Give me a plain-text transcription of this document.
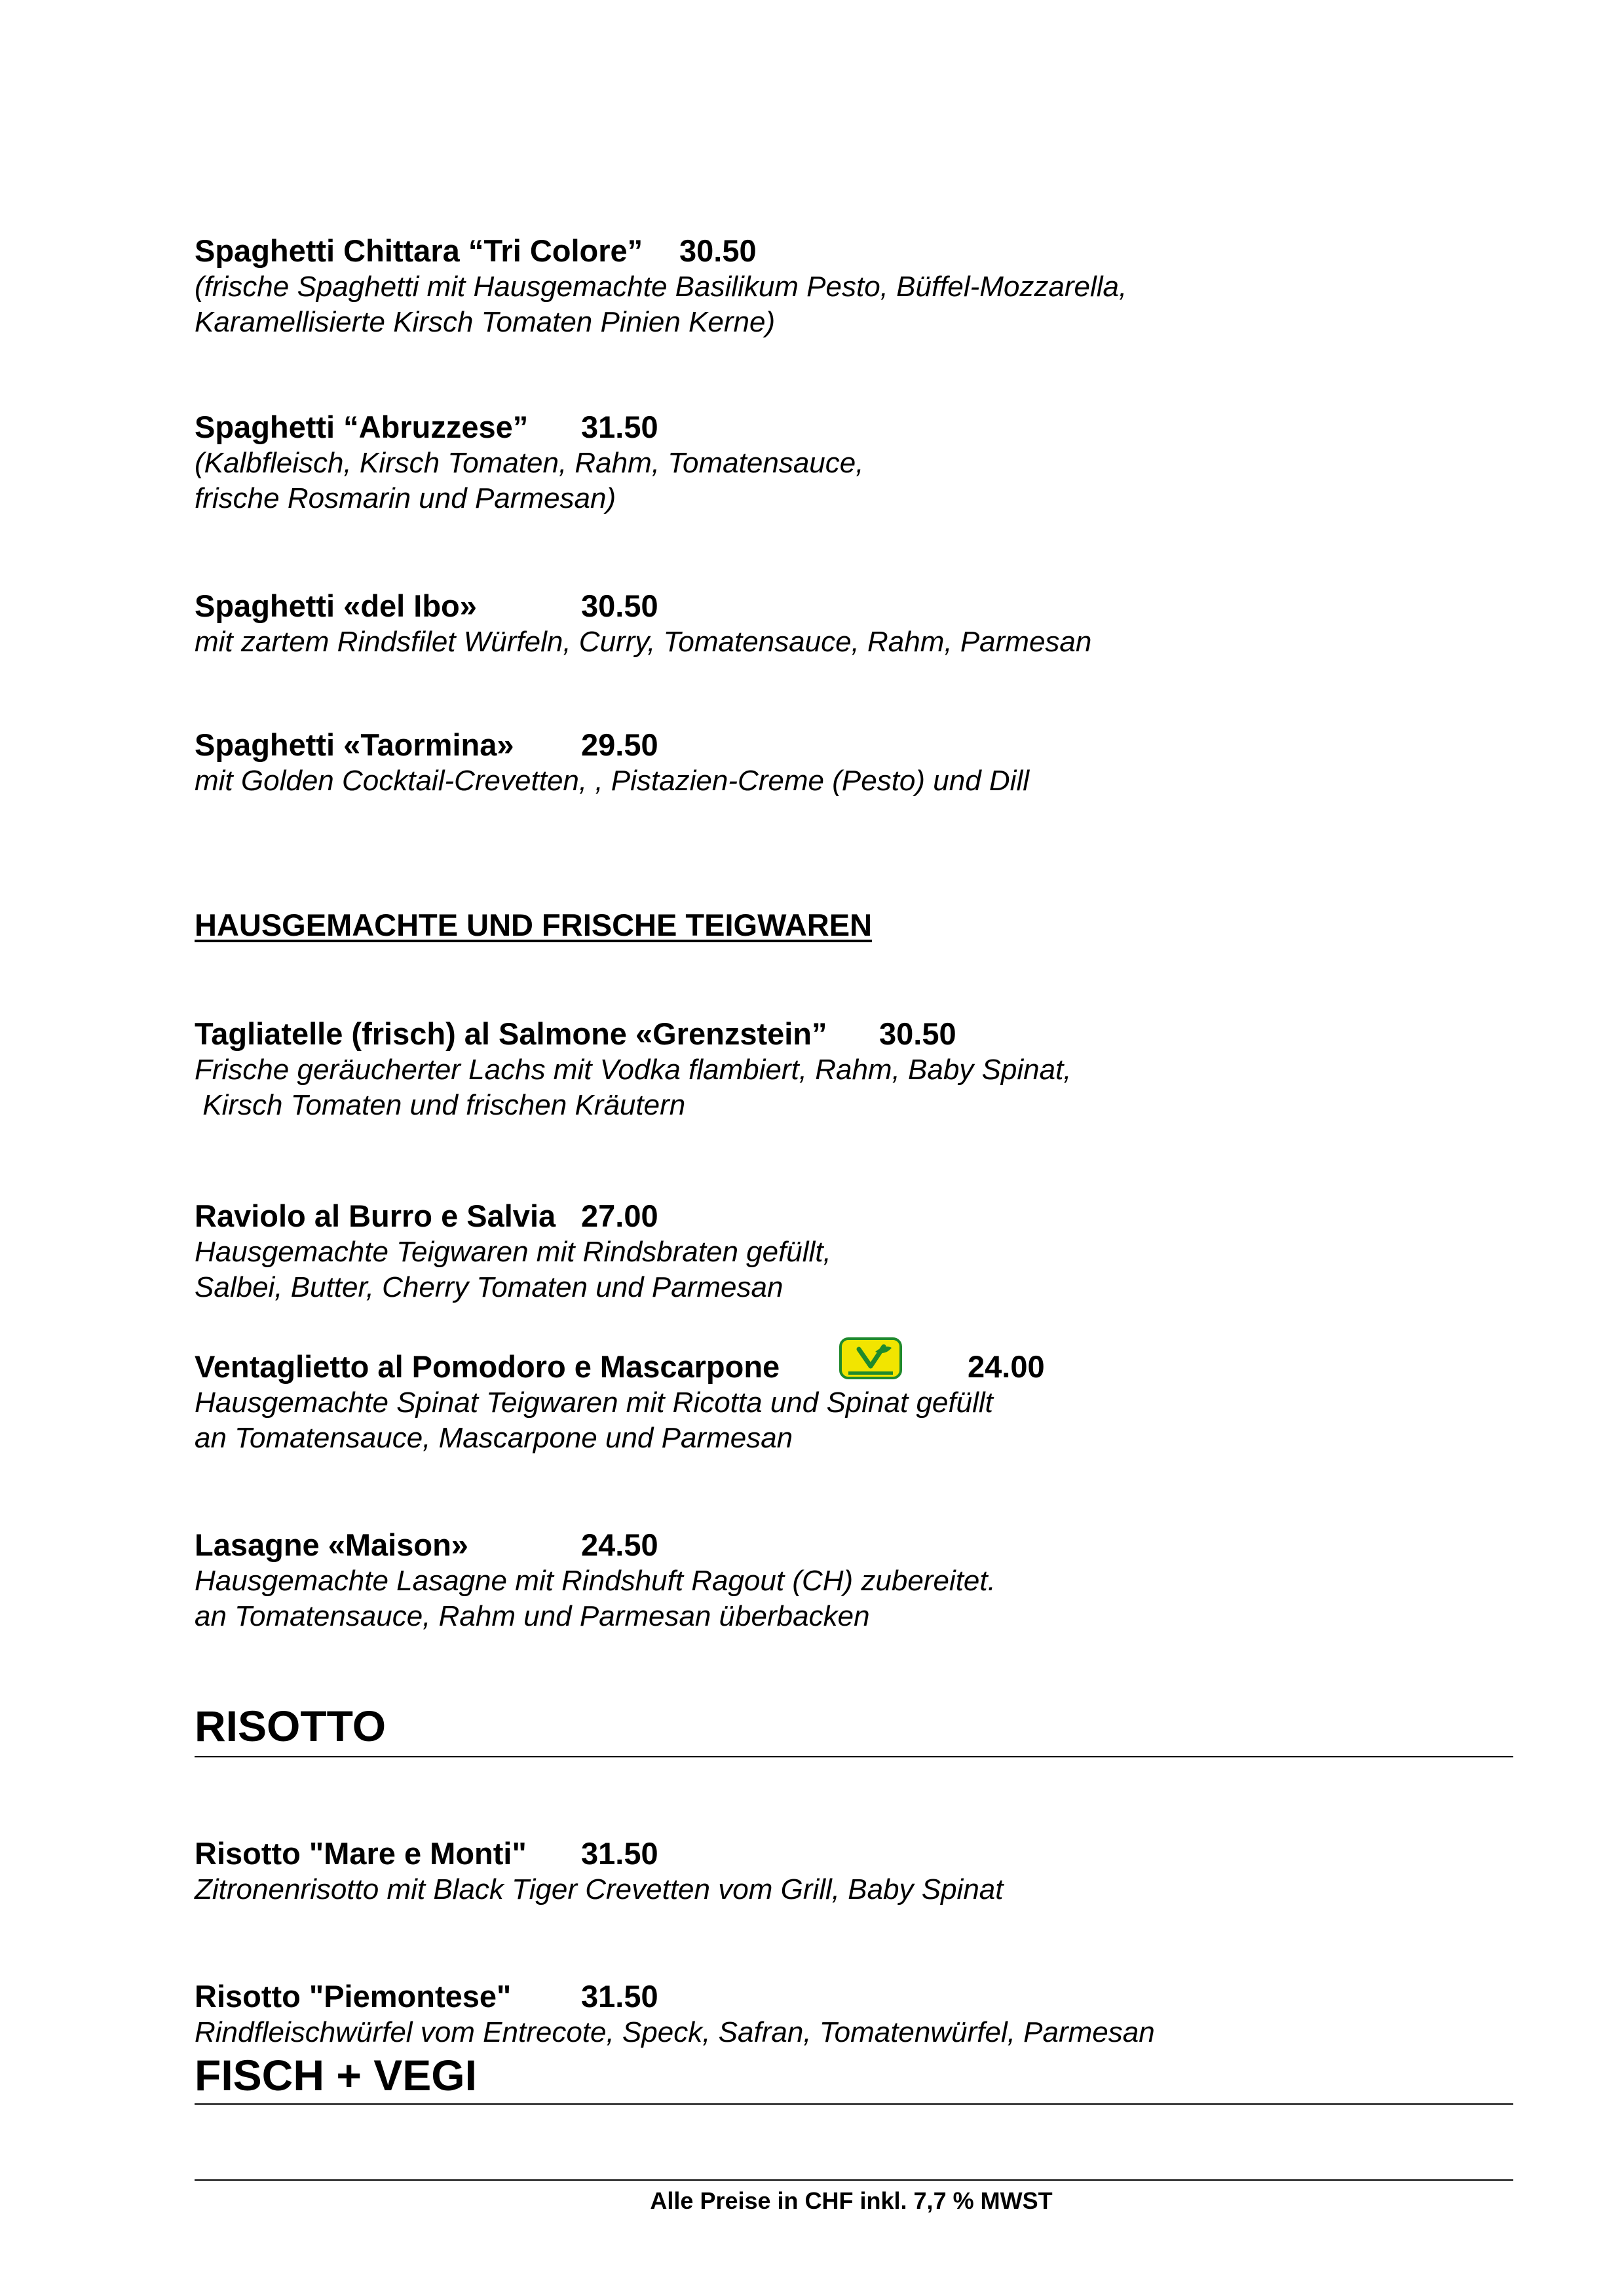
Spaghetti Chittara “Tri Colore” 30.50
(frische Spaghetti mit Hausgemachte Basilikum Pesto, Büffel-Mozzarella,
Karamellisierte Kirsch Tomaten Pinien Kerne)
Spaghetti “Abruzzese” 31.50
(Kalbfleisch, Kirsch Tomaten, Rahm, Tomatensauce,
frische Rosmarin und Parmesan)
Spaghetti «del Ibo»	30.50
mit zartem Rindsfilet Würfeln, Curry, Tomatensauce, Rahm, Parmesan
Spaghetti «Taormina» 29.50
mit Golden Cocktail-Crevetten, , Pistazien-Creme (Pesto) und Dill
HAUSGEMACHTE UND FRISCHE TEIGWAREN
Tagliatelle (frisch) al Salmone «Grenzstein” 30.50
Frische geräucherter Lachs mit Vodka flambiert, Rahm, Baby Spinat,
Kirsch Tomaten und frischen Kräutern
Raviolo al Burro e Salvia 27.00
Hausgemachte Teigwaren mit Rindsbraten gefüllt,
Salbei, Butter, Cherry Tomaten und Parmesan
Ventaglietto al Pomodoro e Mascarpone	24.00
Hausgemachte Spinat Teigwaren mit Ricotta und Spinat gefüllt
an Tomatensauce, Mascarpone und Parmesan
Lasagne «Maison»	24.50
Hausgemachte Lasagne mit Rindshuft Ragout (CH) zubereitet.
an Tomatensauce, Rahm und Parmesan überbacken
RISOTTO
Risotto "Mare e Monti" 31.50
Zitronenrisotto mit Black Tiger Crevetten vom Grill, Baby Spinat
Risotto "Piemontese" 31.50
Rindfleischwürfel vom Entrecote, Speck, Safran, Tomatenwürfel, Parmesan
FISCH + VEGI
Alle Preise in CHF inkl. 7,7 % MWST
